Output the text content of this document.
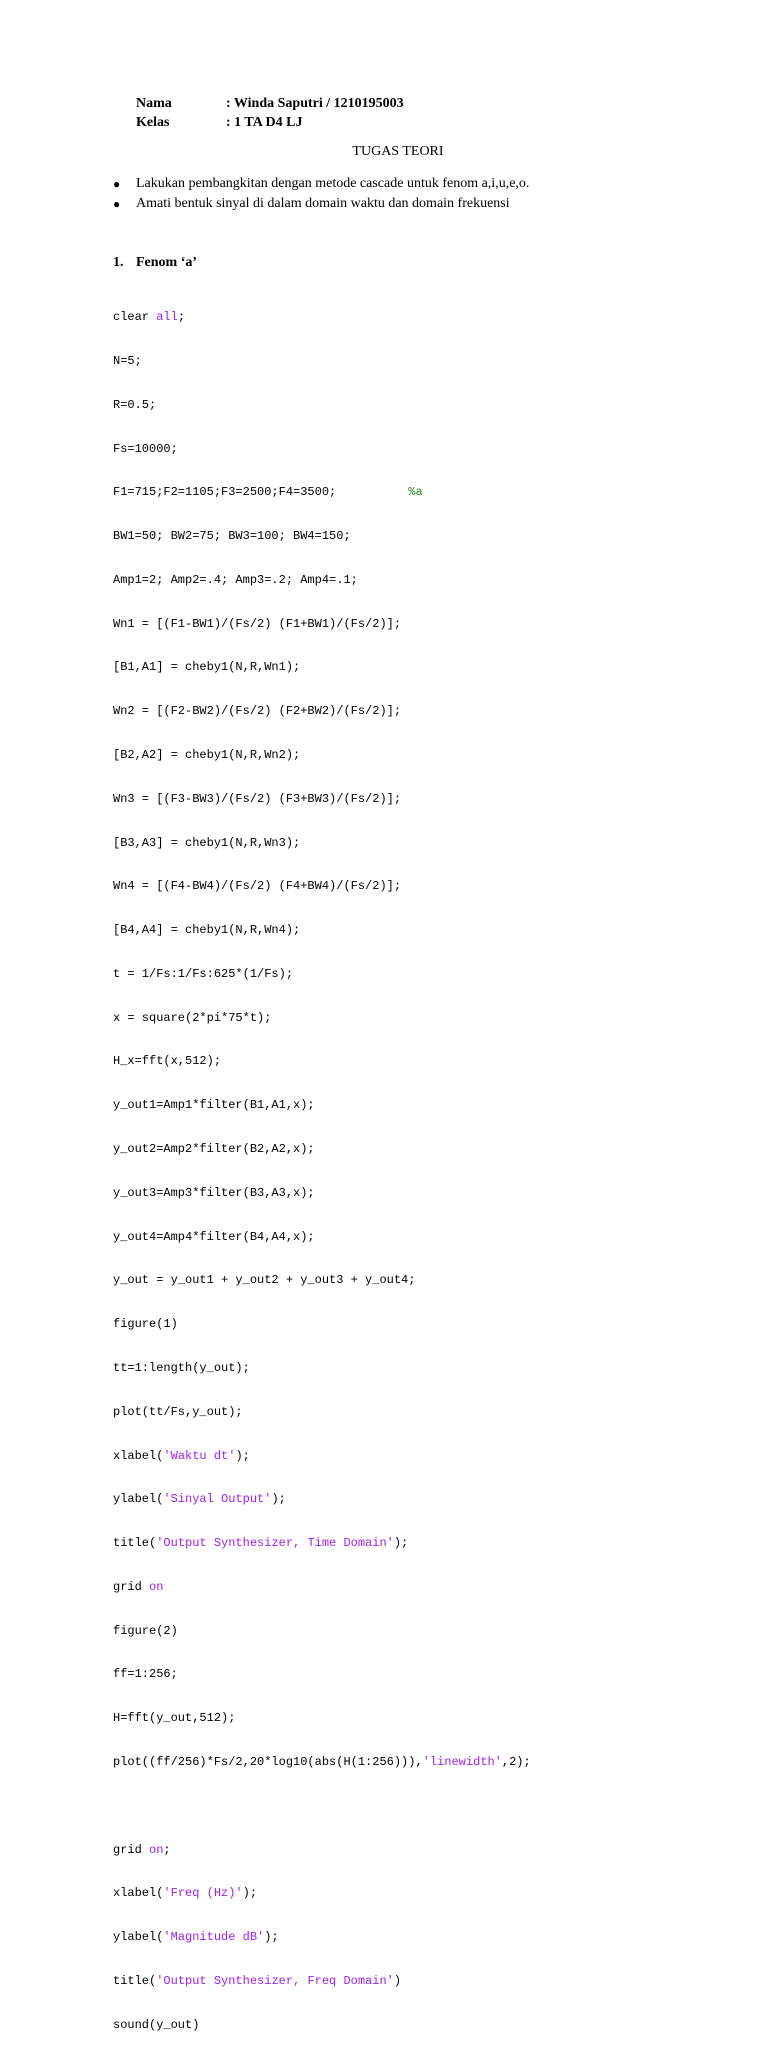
Nama	: Winda Saputri / 1210195003
Kelas	: 1 TA D4 LJ
TUGAS TEORI
●	Lakukan pembangkitan dengan metode cascade untuk fenom a,i,u,e,o.
●	Amati bentuk sinyal di dalam domain waktu dan domain frekuensi
1. Fenom ‘a’

clear all;

N=5;

R=0.5;

Fs=10000;

F1=715;F2=1105;F3=2500;F4=3500;          %a

BW1=50; BW2=75; BW3=100; BW4=150;

Amp1=2; Amp2=.4; Amp3=.2; Amp4=.1;

Wn1 = [(F1-BW1)/(Fs/2) (F1+BW1)/(Fs/2)];

[B1,A1] = cheby1(N,R,Wn1);

Wn2 = [(F2-BW2)/(Fs/2) (F2+BW2)/(Fs/2)];

[B2,A2] = cheby1(N,R,Wn2);

Wn3 = [(F3-BW3)/(Fs/2) (F3+BW3)/(Fs/2)];

[B3,A3] = cheby1(N,R,Wn3);

Wn4 = [(F4-BW4)/(Fs/2) (F4+BW4)/(Fs/2)];

[B4,A4] = cheby1(N,R,Wn4);

t = 1/Fs:1/Fs:625*(1/Fs);

x = square(2*pi*75*t);

H_x=fft(x,512);

y_out1=Amp1*filter(B1,A1,x);

y_out2=Amp2*filter(B2,A2,x);

y_out3=Amp3*filter(B3,A3,x);

y_out4=Amp4*filter(B4,A4,x);

y_out = y_out1 + y_out2 + y_out3 + y_out4;

figure(1)

tt=1:length(y_out);

plot(tt/Fs,y_out);

xlabel('Waktu dt');

ylabel('Sinyal Output');

title('Output Synthesizer, Time Domain');

grid on

figure(2)

ff=1:256;

H=fft(y_out,512);

plot((ff/256)*Fs/2,20*log10(abs(H(1:256))),'linewidth',2);

grid on;

xlabel('Freq (Hz)');

ylabel('Magnitude dB');

title('Output Synthesizer, Freq Domain')

sound(y_out)
